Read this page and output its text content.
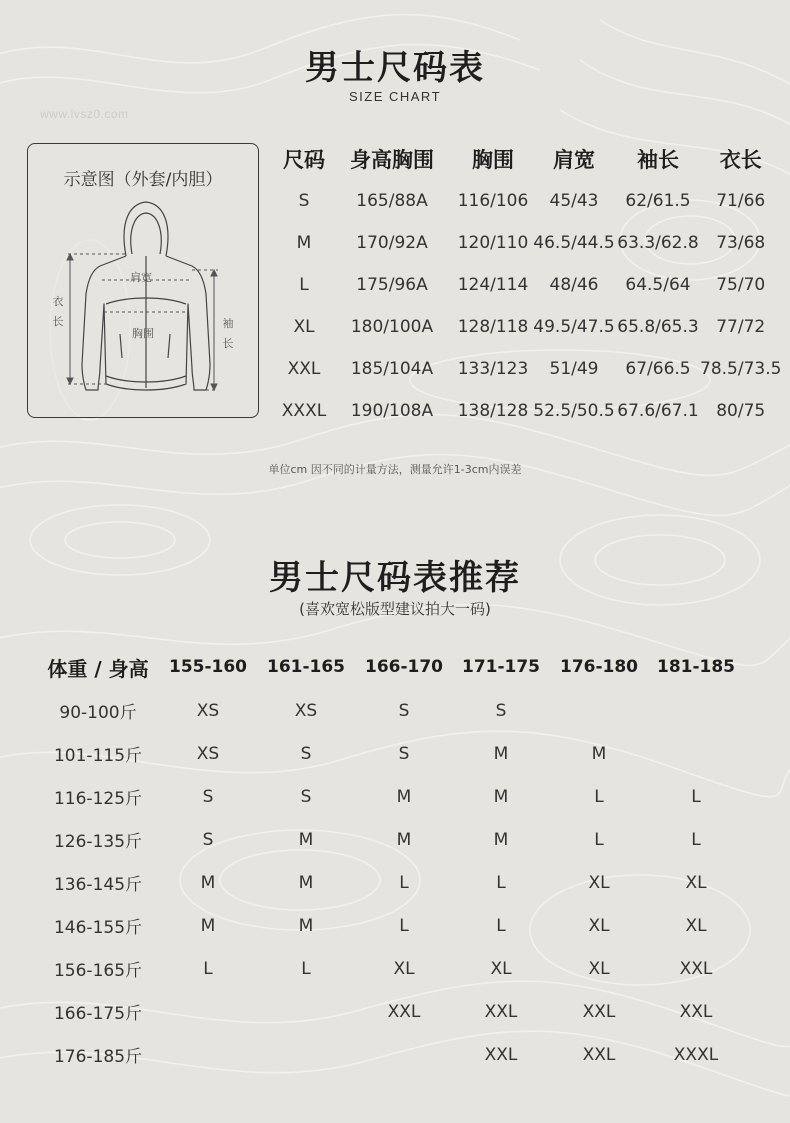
www.ivsz0.com
男士尺码表
SIZE CHART
示意图（外套/内胆）
肩宽
胸围
衣长	袖长
尺码	身高胸围	胸围	肩宽	袖长	衣长
S	165/88A	116/106	45/43	62/61.5	71/66
M	170/92A	120/110	46.5/44.5	63.3/62.8	73/68
L	175/96A	124/114	48/46	64.5/64	75/70
XL	180/100A	128/118	49.5/47.5	65.8/65.3	77/72
XXL	185/104A	133/123	51/49	67/66.5	78.5/73.5
XXXL	190/108A	138/128	52.5/50.5	67.6/67.1	80/75
单位cm 因不同的计量方法，测量允许1-3cm内误差
男士尺码表推荐
(喜欢宽松版型建议拍大一码)
体重 / 身高	155-160	161-165	166-170	171-175	176-180	181-185
90-100斤	XS	XS	S	S		
101-115斤	XS	S	S	M	M	
116-125斤	S	S	M	M	L	L
126-135斤	S	M	M	M	L	L
136-145斤	M	M	L	L	XL	XL
146-155斤	M	M	L	L	XL	XL
156-165斤	L	L	XL	XL	XL	XXL
166-175斤			XXL	XXL	XXL	XXL
176-185斤				XXL	XXL	XXXL
